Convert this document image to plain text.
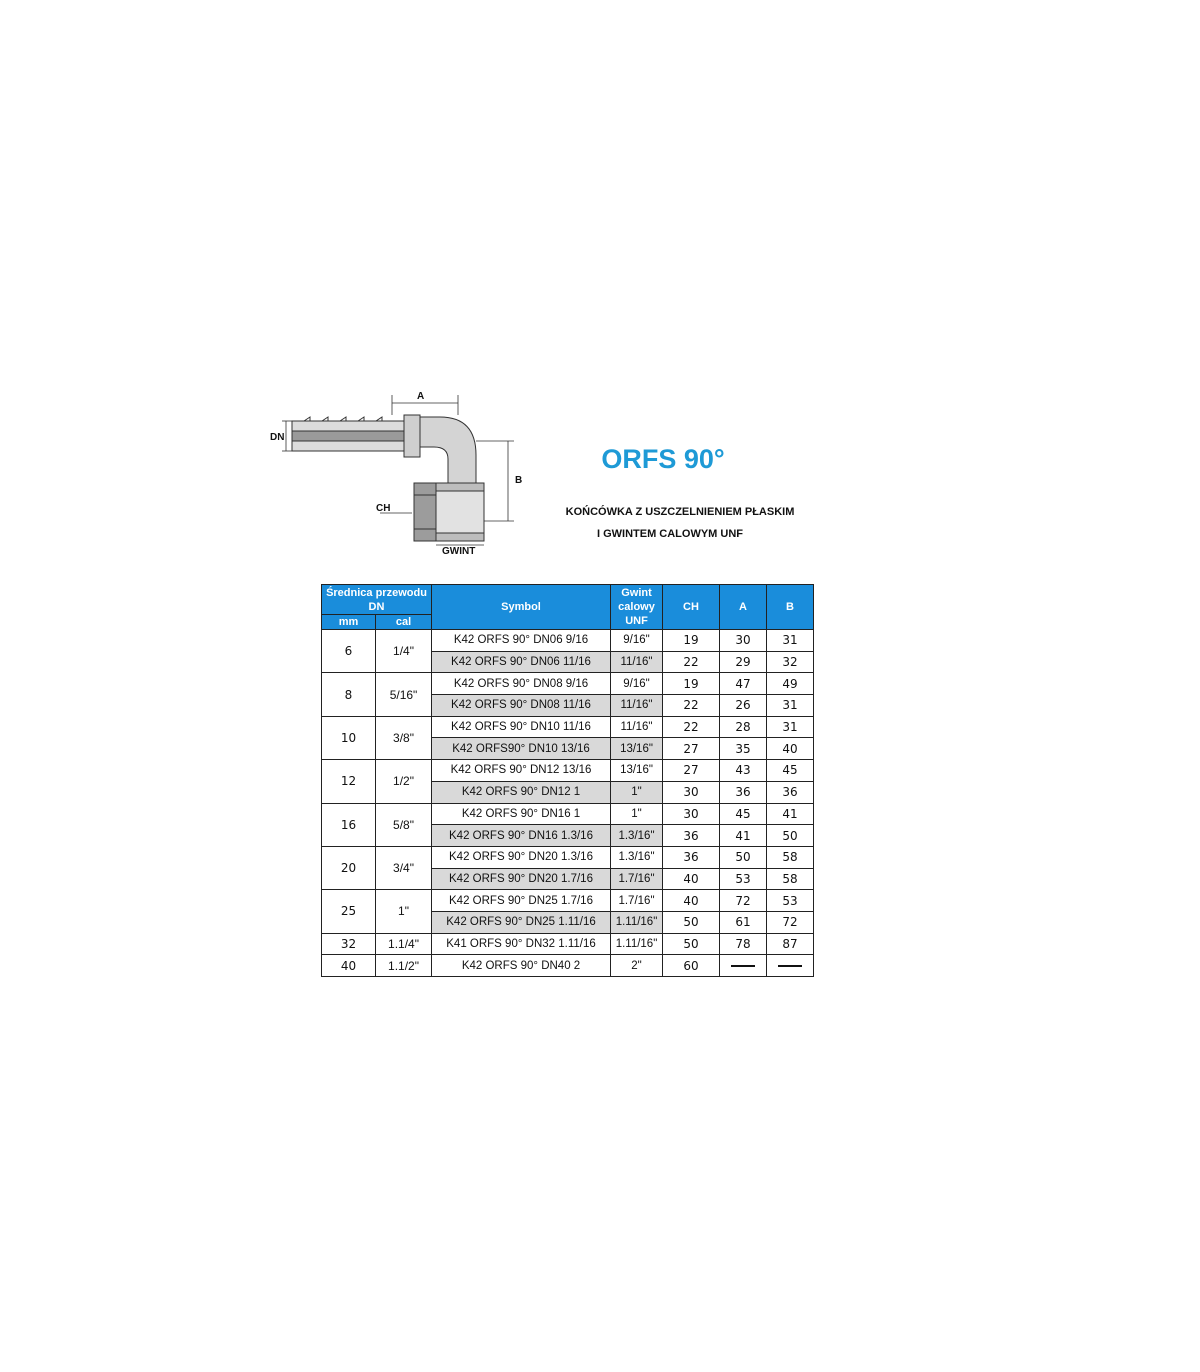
DN
A
B
CH
GWINT
ORFS 90°
KOŃCÓWKA Z USZCZELNIENIEM PŁASKIM
I GWINTEM CALOWYM UNF
Średnica przewodu DN		Symbol	Gwint calowy UNF	CH	A	B
mm	cal					
6	1/4"	K42 ORFS 90° DN06 9/16	9/16"	19	30	31
		K42 ORFS 90° DN06 11/16	11/16"	22	29	32
8	5/16"	K42 ORFS 90° DN08 9/16	9/16"	19	47	49
		K42 ORFS 90° DN08 11/16	11/16"	22	26	31
10	3/8"	K42 ORFS 90° DN10 11/16	11/16"	22	28	31
		K42 ORFS90° DN10 13/16	13/16"	27	35	40
12	1/2"	K42 ORFS 90° DN12 13/16	13/16"	27	43	45
		K42 ORFS 90° DN12 1	1"	30	36	36
16	5/8"	K42 ORFS 90° DN16 1	1"	30	45	41
		K42 ORFS 90° DN16 1.3/16	1.3/16"	36	41	50
20	3/4"	K42 ORFS 90° DN20 1.3/16	1.3/16"	36	50	58
		K42 ORFS 90° DN20 1.7/16	1.7/16"	40	53	58
25	1"	K42 ORFS 90° DN25 1.7/16	1.7/16"	40	72	53
		K42 ORFS 90° DN25 1.11/16	1.11/16"	50	61	72
32	1.1/4"	K41 ORFS 90° DN32 1.11/16	1.11/16"	50	78	87
40	1.1/2"	K42 ORFS 90° DN40 2	2"	60		
